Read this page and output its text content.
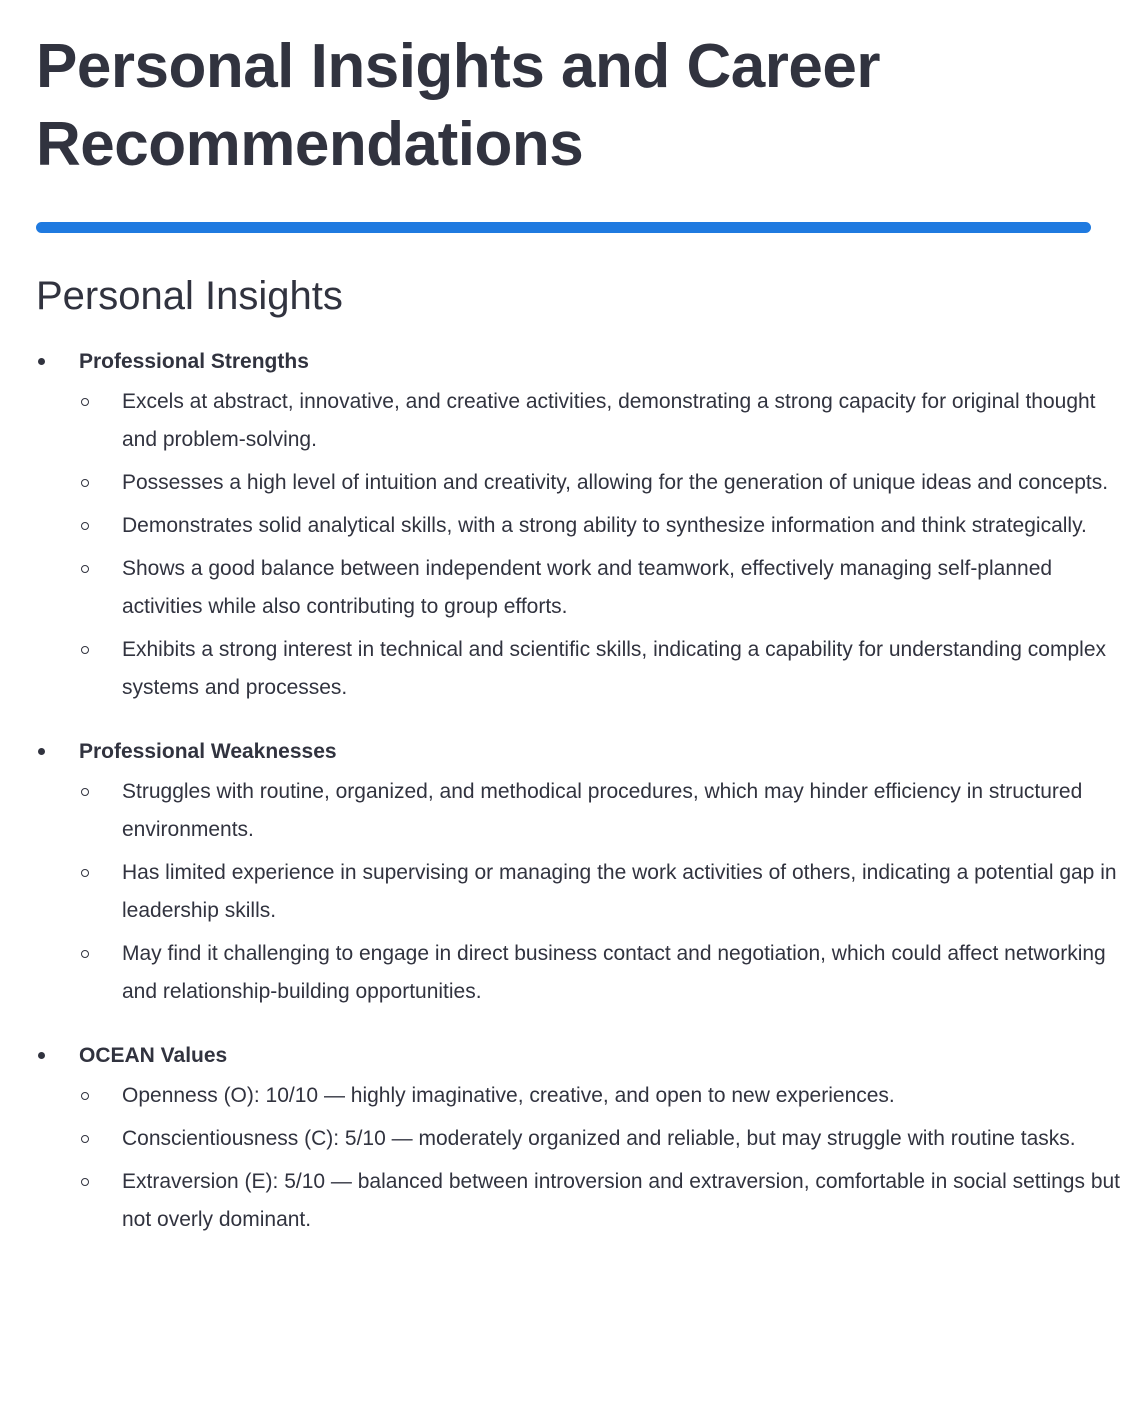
Personal Insights and Career Recommendations
Personal Insights
Professional Strengths
Excels at abstract, innovative, and creative activities, demonstrating a strong capacity for original thought and problem-solving.
Possesses a high level of intuition and creativity, allowing for the generation of unique ideas and concepts.
Demonstrates solid analytical skills, with a strong ability to synthesize information and think strategically.
Shows a good balance between independent work and teamwork, effectively managing self-planned activities while also contributing to group efforts.
Exhibits a strong interest in technical and scientific skills, indicating a capability for understanding complex systems and processes.
Professional Weaknesses
Struggles with routine, organized, and methodical procedures, which may hinder efficiency in structured environments.
Has limited experience in supervising or managing the work activities of others, indicating a potential gap in leadership skills.
May find it challenging to engage in direct business contact and negotiation, which could affect networking and relationship-building opportunities.
OCEAN Values
Openness (O): 10/10 — highly imaginative, creative, and open to new experiences.
Conscientiousness (C): 5/10 — moderately organized and reliable, but may struggle with routine tasks.
Extraversion (E): 5/10 — balanced between introversion and extraversion, comfortable in social settings but not overly dominant.
